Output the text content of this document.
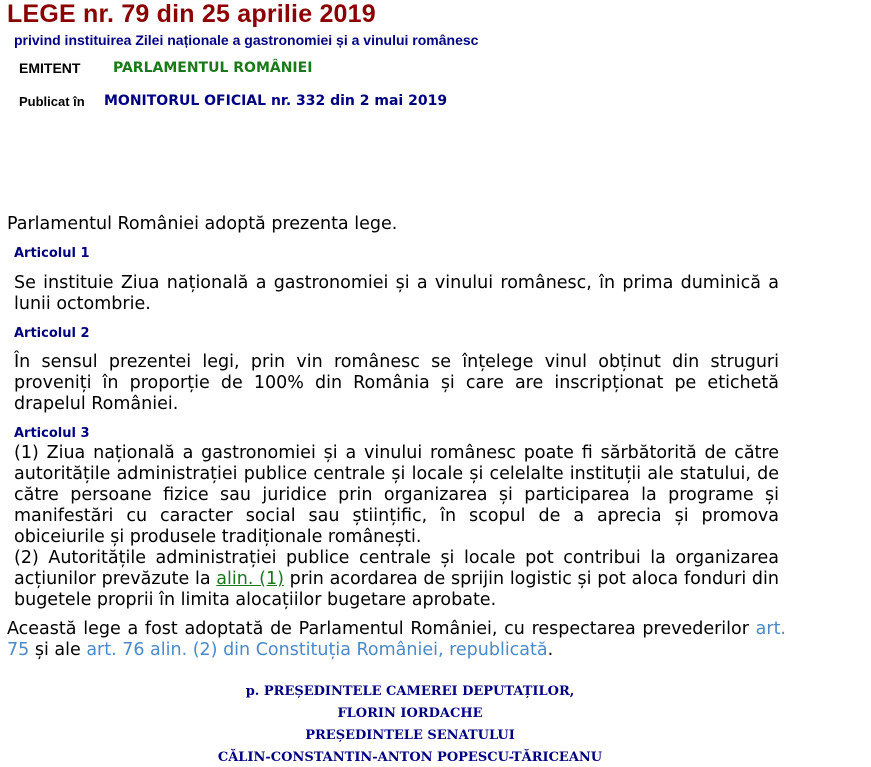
LEGE nr. 79 din 25 aprilie 2019
privind instituirea Zilei naționale a gastronomiei și a vinului românesc
EMITENT PARLAMENTUL ROMÂNIEI
Publicat în MONITORUL OFICIAL nr. 332 din 2 mai 2019
Parlamentul României adoptă prezenta lege.
Articolul 1
Se instituie Ziua națională a gastronomiei și a vinului românesc, în prima duminică a lunii octombrie.
Articolul 2
În sensul prezentei legi, prin vin românesc se înțelege vinul obținut din struguri proveniți în proporție de 100% din România și care are inscripționat pe etichetă drapelul României.
Articolul 3
(1) Ziua națională a gastronomiei și a vinului românesc poate fi sărbătorită de către autoritățile administrației publice centrale și locale și celelalte instituții ale statului, de către persoane fizice sau juridice prin organizarea și participarea la programe și manifestări cu caracter social sau științific, în scopul de a aprecia și promova obiceiurile și produsele tradiționale românești.
(2) Autoritățile administrației publice centrale și locale pot contribui la organizarea acțiunilor prevăzute la alin. (1) prin acordarea de sprijin logistic și pot aloca fonduri din bugetele proprii în limita alocațiilor bugetare aprobate.
Această lege a fost adoptată de Parlamentul României, cu respectarea prevederilor art. 75 și ale art. 76 alin. (2) din Constituția României, republicată.
p. PREȘEDINTELE CAMEREI DEPUTAȚILOR,
FLORIN IORDACHE
PREȘEDINTELE SENATULUI
CĂLIN-CONSTANTIN-ANTON POPESCU-TĂRICEANU
